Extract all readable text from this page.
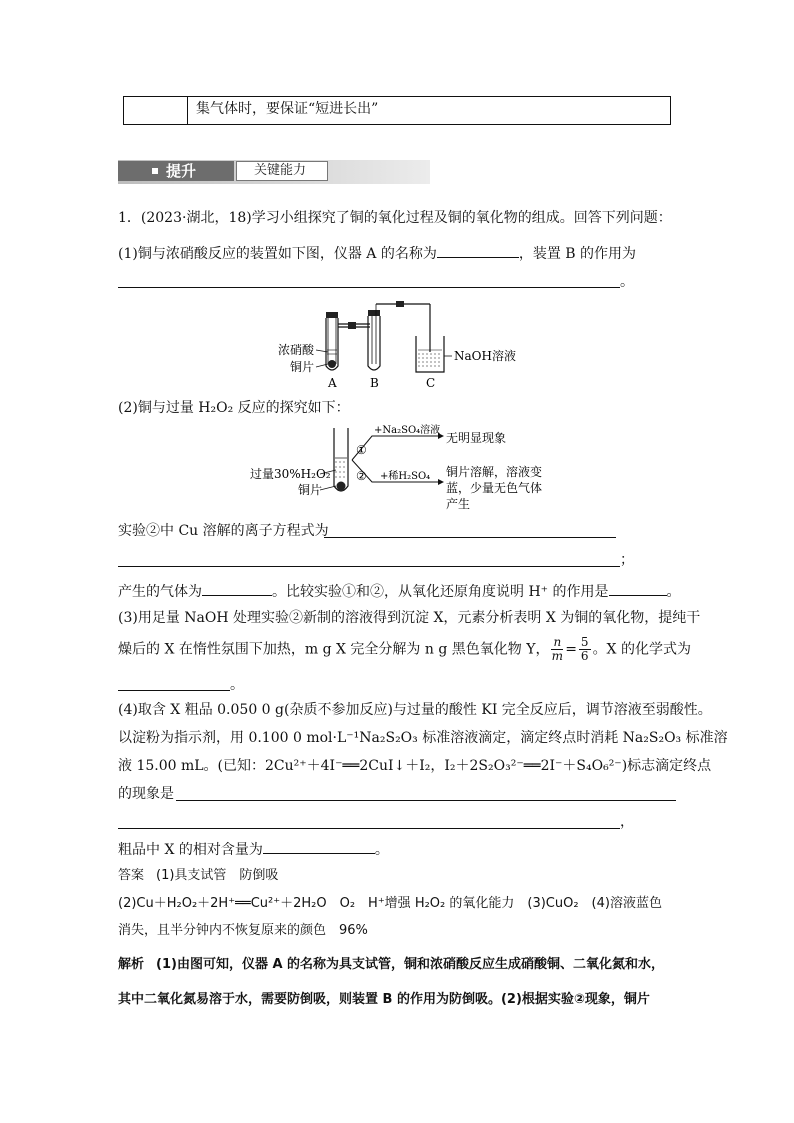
集气体时，要保证“短进长出”
提升	关键能力
1．(2023·湖北，18)学习小组探究了铜的氧化过程及铜的氧化物的组成。回答下列问题：
(1)铜与浓硝酸反应的装置如下图，仪器 A 的名称为	，装置 B 的作用为
。
浓硝酸
铜片
A	B	C
NaOH溶液
(2)铜与过量 H₂O₂ 反应的探究如下：
过量30%H₂O₂
铜片
①
②
+Na₂SO₄溶液
+稀H₂SO₄
无明显现象
铜片溶解，溶液变
蓝，少量无色气体
产生
实验②中 Cu 溶解的离子方程式为
；
产生的气体为	。比较实验①和②，从氧化还原角度说明 H⁺ 的作用是	。
(3)用足量 NaOH 处理实验②新制的溶液得到沉淀 X，元素分析表明 X 为铜的氧化物，提纯干
燥后的 X 在惰性氛围下加热，m g X 完全分解为 n g 黑色氧化物 Y， $\frac{n}{m} = \frac{5}{6}$ 。X 的化学式为
。
(4)取含 X 粗品 0.050 0 g(杂质不参加反应)与过量的酸性 KI 完全反应后，调节溶液至弱酸性。
以淀粉为指示剂，用 0.100 0 mol·L⁻¹Na₂S₂O₃ 标准溶液滴定，滴定终点时消耗 Na₂S₂O₃ 标准溶
液 15.00 mL。(已知：2Cu²⁺＋4I⁻══2CuI↓＋I₂，I₂＋2S₂O₃²⁻══2I⁻＋S₄O₆²⁻)标志滴定终点
的现象是
，
粗品中 X 的相对含量为	。
答案 (1)具支试管　防倒吸
(2)Cu＋H₂O₂＋2H⁺══Cu²⁺＋2H₂O　O₂　H⁺增强 H₂O₂ 的氧化能力　(3)CuO₂　(4)溶液蓝色
消失，且半分钟内不恢复原来的颜色　96%
解析 (1)由图可知，仪器 A 的名称为具支试管，铜和浓硝酸反应生成硝酸铜、二氧化氮和水，
其中二氧化氮易溶于水，需要防倒吸，则装置 B 的作用为防倒吸。(2)根据实验②现象，铜片
